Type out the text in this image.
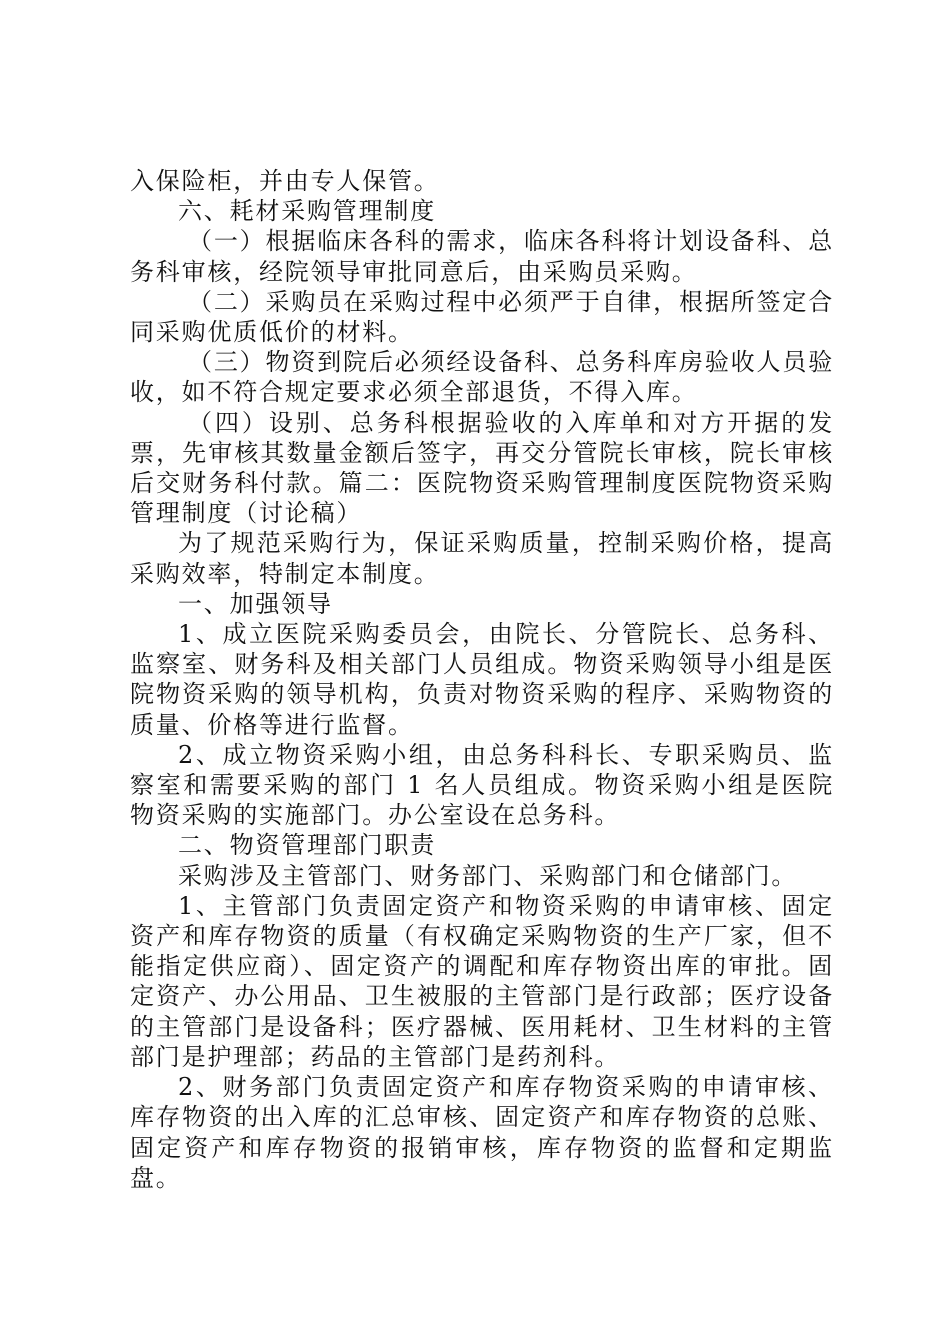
入保险柜，并由专人保管。

六、耗材采购管理制度

（一）根据临床各科的需求，临床各科将计划设备科、总务科审核，经院领导审批同意后，由采购员采购。

（二）采购员在采购过程中必须严于自律，根据所签定合同采购优质低价的材料。

（三）物资到院后必须经设备科、总务科库房验收人员验收，如不符合规定要求必须全部退货，不得入库。

（四）设别、总务科根据验收的入库单和对方开据的发票，先审核其数量金额后签字，再交分管院长审核，院长审核后交财务科付款。篇二：医院物资采购管理制度医院物资采购管理制度（讨论稿）

为了规范采购行为，保证采购质量，控制采购价格，提高采购效率，特制定本制度。

一、加强领导

1、成立医院采购委员会，由院长、分管院长、总务科、监察室、财务科及相关部门人员组成。物资采购领导小组是医院物资采购的领导机构，负责对物资采购的程序、采购物资的质量、价格等进行监督。

2、成立物资采购小组，由总务科科长、专职采购员、监察室和需要采购的部门 1 名人员组成。物资采购小组是医院物资采购的实施部门。办公室设在总务科。

二、物资管理部门职责

采购涉及主管部门、财务部门、采购部门和仓储部门。

1、主管部门负责固定资产和物资采购的申请审核、固定资产和库存物资的质量（有权确定采购物资的生产厂家，但不能指定供应商）、固定资产的调配和库存物资出库的审批。固定资产、办公用品、卫生被服的主管部门是行政部；医疗设备的主管部门是设备科；医疗器械、医用耗材、卫生材料的主管部门是护理部；药品的主管部门是药剂科。

2、财务部门负责固定资产和库存物资采购的申请审核、库存物资的出入库的汇总审核、固定资产和库存物资的总账、固定资产和库存物资的报销审核，库存物资的监督和定期监盘。
